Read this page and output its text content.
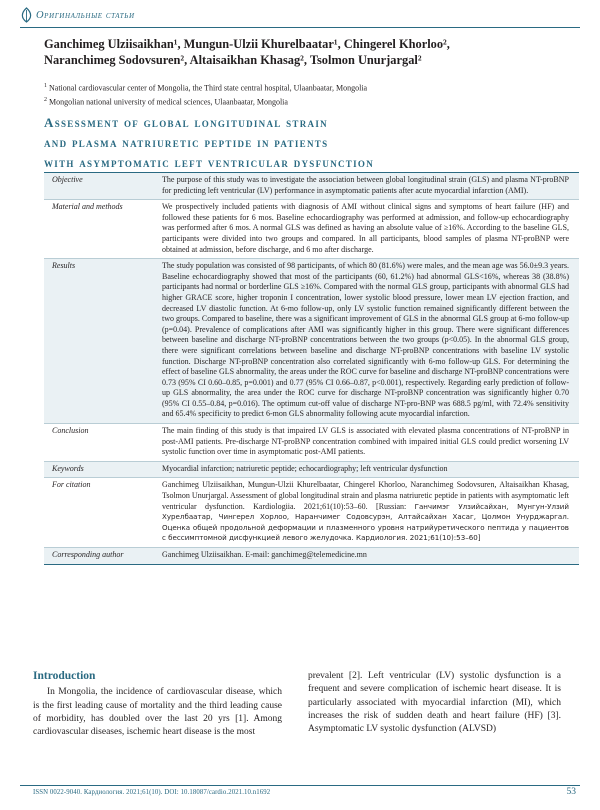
Оригинальные статьи
Ganchimeg Ulziisaikhan¹, Mungun-Ulzii Khurelbaatar¹, Chingerel Khorloo²,
Naranchimeg Sodovsuren², Altaisaikhan Khasag², Tsolmon Unurjargal²
$^1$ National cardiovascular center of Mongolia, the Third state central hospital, Ulaanbaatar, Mongolia
$^2$ Mongolian national university of medical sciences, Ulaanbaatar, Mongolia
Assessment of global longitudinal strain
and plasma natriuretic peptide in patients
with asymptomatic left ventricular dysfunction
Objective	The purpose of this study was to investigate the association between global longitudinal strain (GLS) and plasma NT-proBNP for predicting left ventricular (LV) performance in asymptomatic patients after acute myocardial infarction (AMI).
Material and methods	We prospectively included patients with diagnosis of AMI without clinical signs and symptoms of heart failure (HF) and followed these patients for 6 mos. Baseline echocardiography was performed at admission, and follow-up echocardiography was performed after 6 mos. A normal GLS was defined as having an absolute value of ≥16%. According to the baseline GLS, participants were divided into two groups and compared. In all participants, blood samples of plasma NT-proBNP were obtained at admission, before discharge, and 6 mo after discharge.
Results	The study population was consisted of 98 participants, of which 80 (81.6%) were males, and the mean age was 56.0±9.3 years. Baseline echocardiography showed that most of the participants (60, 61.2%) had abnormal GLS<16%, whereas 38 (38.8%) participants had normal or borderline GLS ≥16%. Compared with the normal GLS group, participants with abnormal GLS had higher GRACE score, higher troponin I concentration, lower systolic blood pressure, lower mean LV ejection fraction, and decreased LV diastolic function. At 6-mo follow-up, only LV systolic function remained significantly different between the two groups. Compared to baseline, there was a significant improvement of GLS in the abnormal GLS group at 6-mo follow-up (p=0.04). Prevalence of complications after AMI was significantly higher in this group. There were significant differences between baseline and discharge NT-proBNP concentrations between the two groups (p<0.05). In the abnormal GLS group, there were significant correlations between baseline and discharge NT-proBNP concentrations with baseline LV systolic function. Discharge NT-proBNP concentration also correlated significantly with 6-mo follow-up GLS. For determining the effect of baseline GLS abnormality, the areas under the ROC curve for baseline and discharge NT-proBNP concentrations were 0.73 (95% CI 0.60–0.85, p=0.001) and 0.77 (95% CI 0.66–0.87, p<0.001), respectively. Regarding early prediction of follow-up GLS abnormality, the area under the ROC curve for discharge NT-proBNP concentration was significantly higher 0.70 (95% CI 0.55–0.84, p=0.016). The optimum cut-off value of discharge NT-pro-BNP was 688.5 pg/ml, with 72.4% sensitivity and 65.4% specificity to predict 6-mon GLS abnormality following acute myocardial infarction.
Conclusion	The main finding of this study is that impaired LV GLS is associated with elevated plasma concentrations of NT-proBNP in post-AMI patients. Pre-discharge NT-proBNP concentration combined with impaired initial GLS could predict worsening LV systolic function over time in asymptomatic post-AMI patients.
Keywords	Myocardial infarction; natriuretic peptide; echocardiography; left ventricular dysfunction
For citation	Ganchimeg Ulziisaikhan, Mungun-Ulzii Khurelbaatar, Chingerel Khorloo, Naranchimeg Sodovsuren, Altaisaikhan Khasag, Tsolmon Unurjargal. Assessment of global longitudinal strain and plasma natriuretic peptide in patients with asymptomatic left ventricular dysfunction. Kardiologiia. 2021;61(10):53–60. [Russian: Ганчимэг Улзийсайхан, Мунгун-Улзий Хурелбаатар, Чингерел Хорлоо, Наранчимег Содовсурэн, Алтайсайхан Хасаг, Цолмон Унурджаргал. Оценка общей продольной деформации и плазменного уровня натрийуретического пептида у пациентов с бессимптомной дисфункцией левого желудочка. Кардиология. 2021;61(10):53–60]
Corresponding author	Ganchimeg Ulziisaikhan. E-mail: ganchimeg@telemedicine.mn
Introduction

In Mongolia, the incidence of cardiovascular disease, which is the first leading cause of mortality and the third leading cause of morbidity, has doubled over the last 20 yrs [1]. Among cardiovascular diseases, ischemic heart disease is the most

prevalent [2]. Left ventricular (LV) systolic dysfunction is a frequent and severe complication of ischemic heart disease. It is particularly associated with myocardial infarction (MI), which increases the risk of sudden death and heart failure (HF) [3]. Asymptomatic LV systolic dysfunction (ALVSD)

ISSN 0022-9040. Кардиология. 2021;61(10). DOI: 10.18087/cardio.2021.10.n1692	53
